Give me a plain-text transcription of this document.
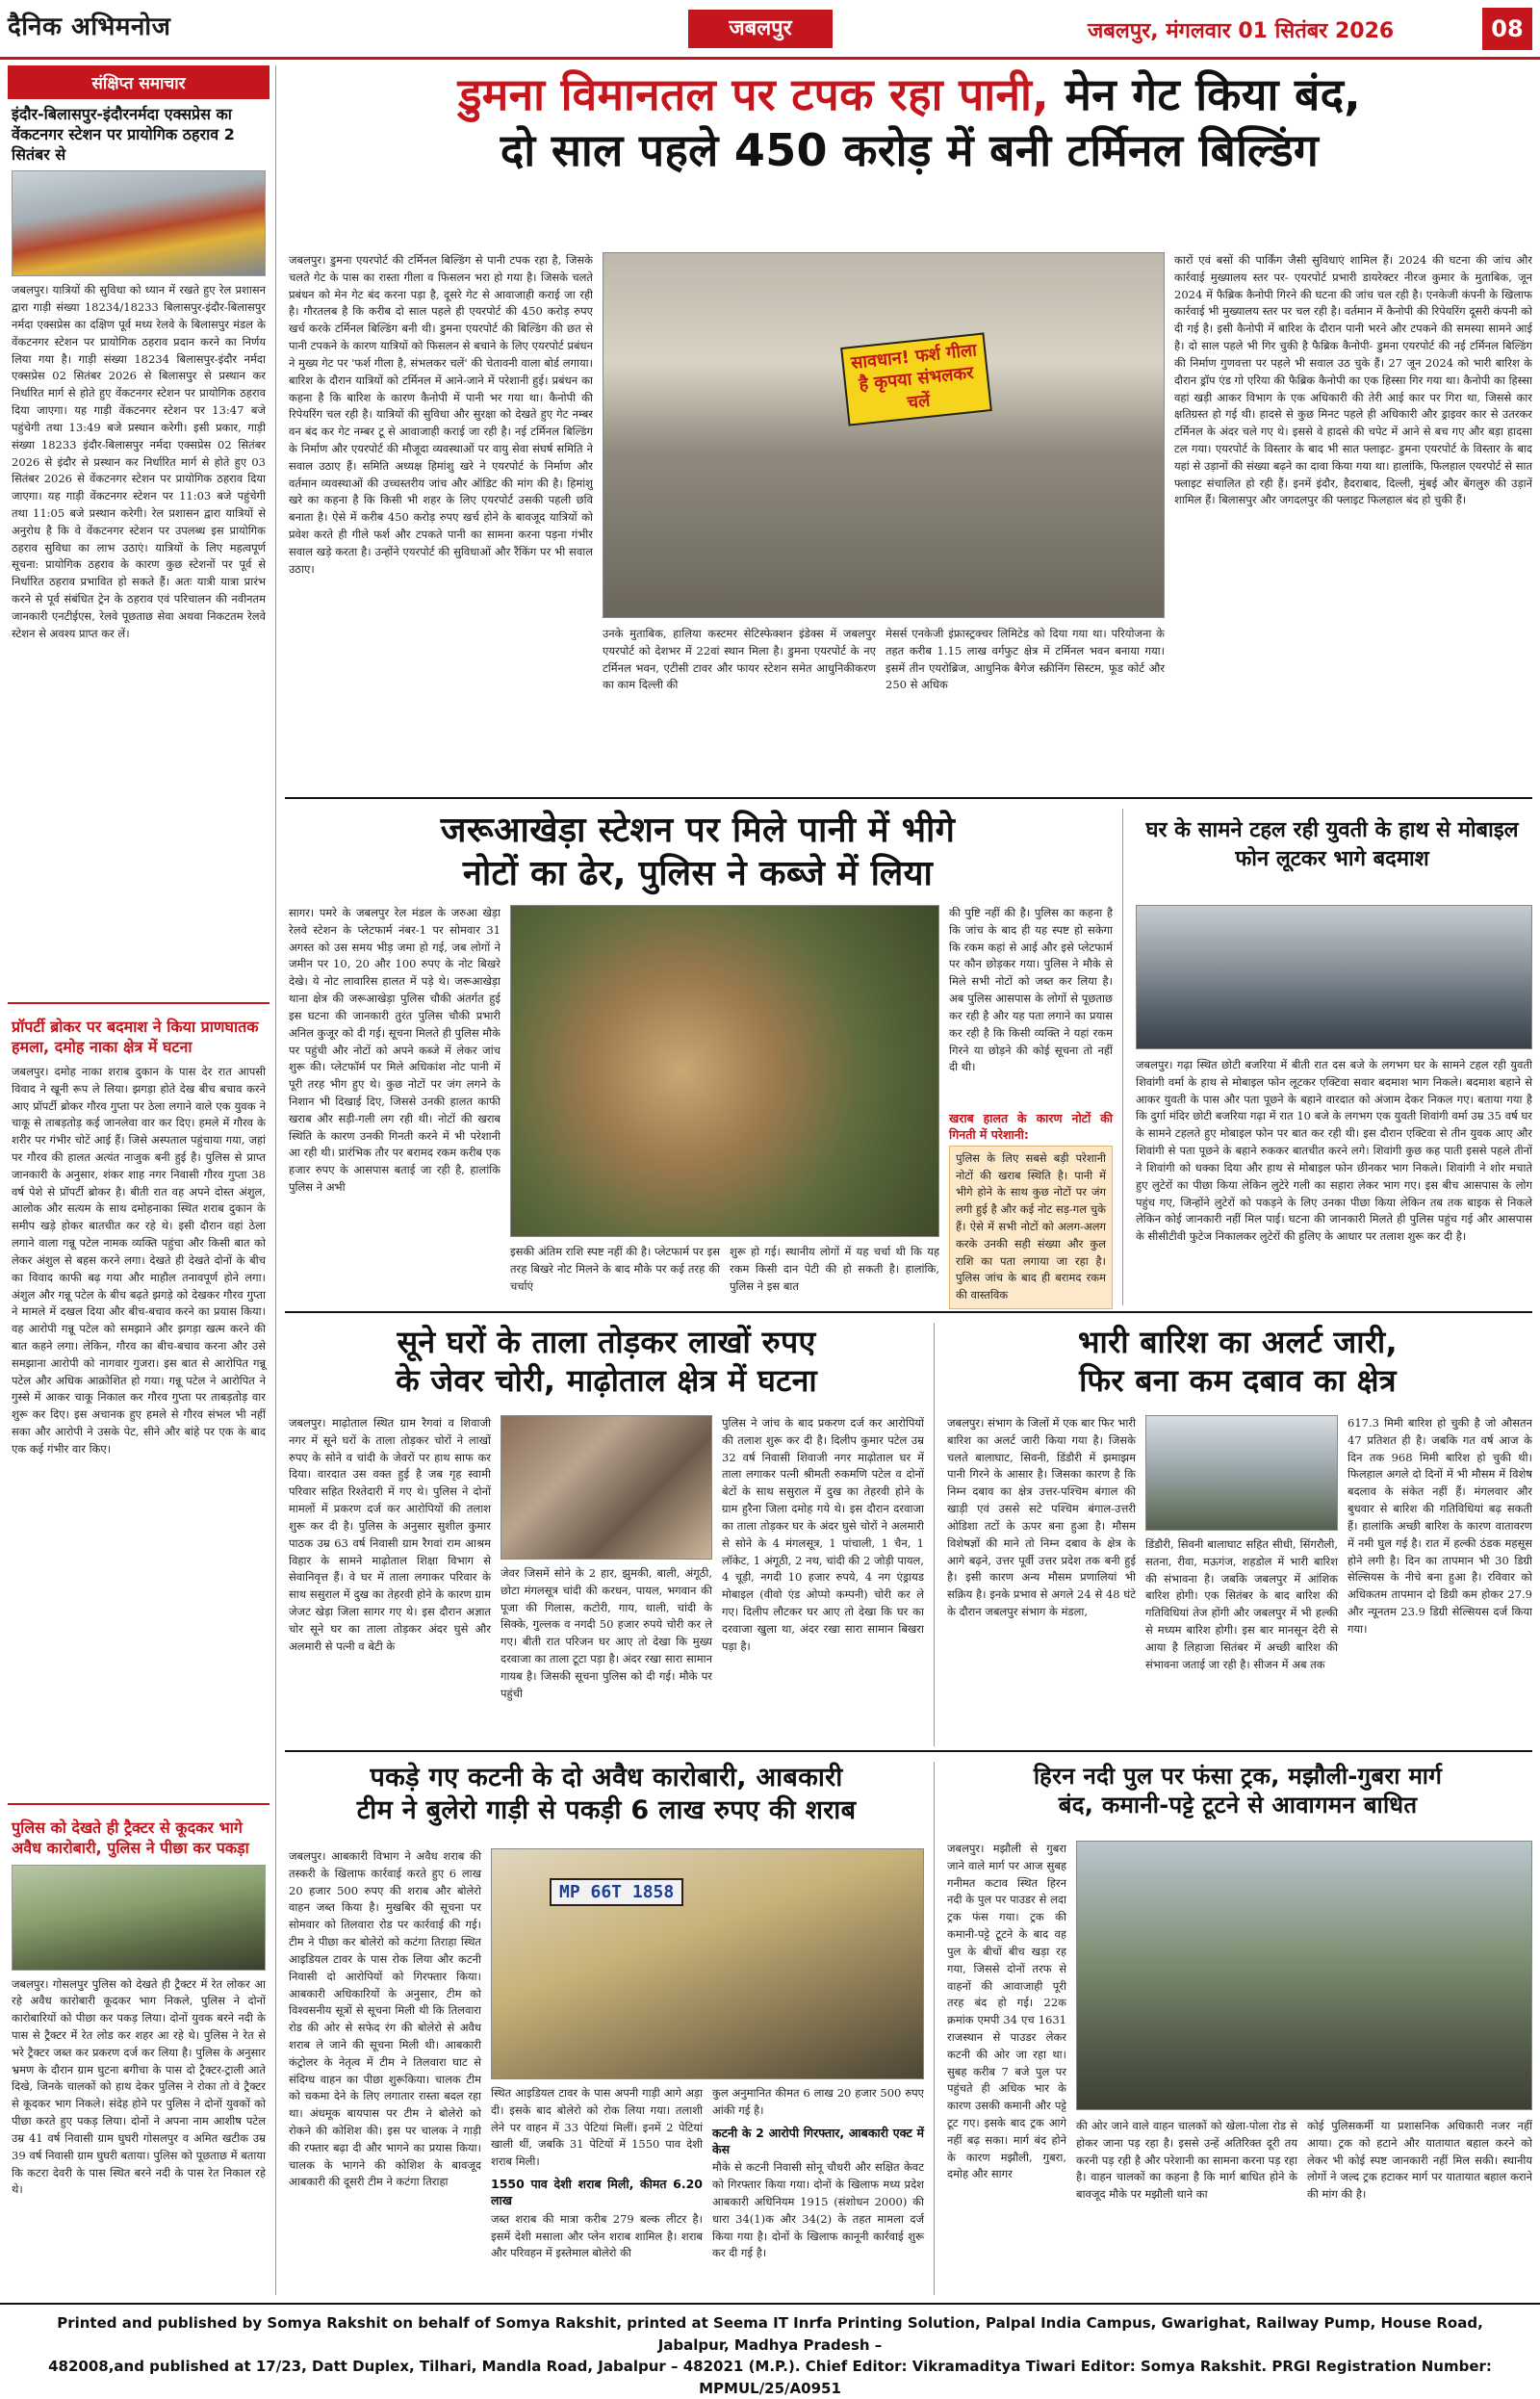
दैनिक अभिमनोज	जबलपुर	जबलपुर, मंगलवार 01 सितंबर 2026	08
संक्षिप्त समाचार
इंदौर-बिलासपुर-इंदौरनर्मदा एक्सप्रेस का वेंकटनगर स्टेशन पर प्रायोगिक ठहराव 2 सितंबर से
जबलपुर। यात्रियों की सुविधा को ध्यान में रखते हुए रेल प्रशासन द्वारा गाड़ी संख्या 18234/18233 बिलासपुर-इंदौर-बिलासपुर नर्मदा एक्सप्रेस का दक्षिण पूर्व मध्य रेलवे के बिलासपुर मंडल के वेंकटनगर स्टेशन पर प्रायोगिक ठहराव प्रदान करने का निर्णय लिया गया है। गाड़ी संख्या 18234 बिलासपुर-इंदौर नर्मदा एक्सप्रेस 02 सितंबर 2026 से बिलासपुर से प्रस्थान कर निर्धारित मार्ग से होते हुए वेंकटनगर स्टेशन पर प्रायोगिक ठहराव दिया जाएगा। यह गाड़ी वेंकटनगर स्टेशन पर 13:47 बजे पहुंचेगी तथा 13:49 बजे प्रस्थान करेगी। इसी प्रकार, गाड़ी संख्या 18233 इंदौर-बिलासपुर नर्मदा एक्सप्रेस 02 सितंबर 2026 से इंदौर से प्रस्थान कर निर्धारित मार्ग से होते हुए 03 सितंबर 2026 से वेंकटनगर स्टेशन पर प्रायोगिक ठहराव दिया जाएगा। यह गाड़ी वेंकटनगर स्टेशन पर 11:03 बजे पहुंचेगी तथा 11:05 बजे प्रस्थान करेगी। रेल प्रशासन द्वारा यात्रियों से अनुरोध है कि वे वेंकटनगर स्टेशन पर उपलब्ध इस प्रायोगिक ठहराव सुविधा का लाभ उठाएं। यात्रियों के लिए महत्वपूर्ण सूचना: प्रायोगिक ठहराव के कारण कुछ स्टेशनों पर पूर्व से निर्धारित ठहराव प्रभावित हो सकते हैं। अतः यात्री यात्रा प्रारंभ करने से पूर्व संबंधित ट्रेन के ठहराव एवं परिचालन की नवीनतम जानकारी एनटीईएस, रेलवे पूछताछ सेवा अथवा निकटतम रेलवे स्टेशन से अवश्य प्राप्त कर लें।
प्रॉपर्टी ब्रोकर पर बदमाश ने किया प्राणघातक हमला, दमोह नाका क्षेत्र में घटना
जबलपुर। दमोह नाका शराब दुकान के पास देर रात आपसी विवाद ने खूनी रूप ले लिया। झगड़ा होते देख बीच बचाव करने आए प्रॉपर्टी ब्रोकर गौरव गुप्ता पर ठेला लगाने वाले एक युवक ने चाकू से ताबड़तोड़ कई जानलेवा वार कर दिए। हमले में गौरव के शरीर पर गंभीर चोटें आई हैं। जिसे अस्पताल पहुंचाया गया, जहां पर गौरव की हालत अत्यंत नाजुक बनी हुई है। पुलिस से प्राप्त जानकारी के अनुसार, शंकर शाह नगर निवासी गौरव गुप्ता 38 वर्ष पेशे से प्रॉपर्टी ब्रोकर है। बीती रात वह अपने दोस्त अंशुल, आलोक और सत्यम के साथ दमोहनाका स्थित शराब दुकान के समीप खड़े होकर बातचीत कर रहे थे। इसी दौरान वहां ठेला लगाने वाला गन्नू पटेल नामक व्यक्ति पहुंचा और किसी बात को लेकर अंशुल से बहस करने लगा। देखते ही देखते दोनों के बीच का विवाद काफी बढ़ गया और माहौल तनावपूर्ण होने लगा। अंशुल और गन्नू पटेल के बीच बढ़ते झगड़े को देखकर गौरव गुप्ता ने मामले में दखल दिया और बीच-बचाव करने का प्रयास किया। वह आरोपी गन्नू पटेल को समझाने और झगड़ा खत्म करने की बात कहने लगा। लेकिन, गौरव का बीच-बचाव करना और उसे समझाना आरोपी को नागवार गुजरा। इस बात से आरोपित गन्नू पटेल और अधिक आक्रोशित हो गया। गन्नू पटेल ने आरोपित ने गुस्से में आकर चाकू निकाल कर गौरव गुप्ता पर ताबड़तोड़ वार शुरू कर दिए। इस अचानक हुए हमले से गौरव संभल भी नहीं सका और आरोपी ने उसके पेट, सीने और बांहे पर एक के बाद एक कई गंभीर वार किए।
पुलिस को देखते ही ट्रैक्टर से कूदकर भागे अवैध कारोबारी, पुलिस ने पीछा कर पकड़ा
जबलपुर। गोसलपुर पुलिस को देखते ही ट्रैक्टर में रेत लोकर आ रहे अवैध कारोबारी कूदकर भाग निकले, पुलिस ने दोनों कारोबारियों को पीछा कर पकड़ लिया। दोनों युवक बरने नदी के पास से ट्रैक्टर में रेत लोड कर शहर आ रहे थे। पुलिस ने रेत से भरे ट्रैक्टर जब्त कर प्रकरण दर्ज कर लिया है। पुलिस के अनुसार भ्रमण के दौरान ग्राम घुटना बगीचा के पास दो ट्रैक्टर-ट्राली आते दिखे, जिनके चालकों को हाथ देकर पुलिस ने रोका तो वे ट्रैक्टर से कूदकर भाग निकले। संदेह होने पर पुलिस ने दोनों युवकों को पीछा करते हुए पकड़ लिया। दोनों ने अपना नाम आशीष पटेल उम्र 41 वर्ष निवासी ग्राम घुघरी गोसलपुर व अमित खटीक उम्र 39 वर्ष निवासी ग्राम घुघरी बताया। पुलिस को पूछताछ में बताया कि कटरा देवरी के पास स्थित बरने नदी के पास रेत निकाल रहे थे।
डुमना विमानतल पर टपक रहा पानी, मेन गेट किया बंद,
दो साल पहले 450 करोड़ में बनी टर्मिनल बिल्डिंग
जबलपुर। डुमना एयरपोर्ट की टर्मिनल बिल्डिंग से पानी टपक रहा है, जिसके चलते गेट के पास का रास्ता गीला व फिसलन भरा हो गया है। जिसके चलते प्रबंधन को मेन गेट बंद करना पड़ा है, दूसरे गेट से आवाजाही कराई जा रही है। गौरतलब है कि करीब दो साल पहले ही एयरपोर्ट की 450 करोड़ रुपए खर्च करके टर्मिनल बिल्डिंग बनी थी। डुमना एयरपोर्ट की बिल्डिंग की छत से पानी टपकने के कारण यात्रियों को फिसलन से बचाने के लिए एयरपोर्ट प्रबंधन ने मुख्य गेट पर 'फर्श गीला है, संभलकर चलें' की चेतावनी वाला बोर्ड लगाया। बारिश के दौरान यात्रियों को टर्मिनल में आने-जाने में परेशानी हुई। प्रबंधन का कहना है कि बारिश के कारण कैनोपी में पानी भर गया था। कैनोपी की रिपेयरिंग चल रही है। यात्रियों की सुविधा और सुरक्षा को देखते हुए गेट नम्बर वन बंद कर गेट नम्बर टू से आवाजाही कराई जा रही है। नई टर्मिनल बिल्डिंग के निर्माण और एयरपोर्ट की मौजूदा व्यवस्थाओं पर वायु सेवा संघर्ष समिति ने सवाल उठाए हैं। समिति अध्यक्ष हिमांशु खरे ने एयरपोर्ट के निर्माण और वर्तमान व्यवस्थाओं की उच्चस्तरीय जांच और ऑडिट की मांग की है। हिमांशु खरे का कहना है कि किसी भी शहर के लिए एयरपोर्ट उसकी पहली छवि बनाता है। ऐसे में करीब 450 करोड़ रुपए खर्च होने के बावजूद यात्रियों को प्रवेश करते ही गीले फर्श और टपकते पानी का सामना करना पड़ना गंभीर सवाल खड़े करता है। उन्होंने एयरपोर्ट की सुविधाओं और रैंकिंग पर भी सवाल उठाए।
सावधान! फर्श गीला है कृपया संभलकर चलें
उनके मुताबिक, हालिया कस्टमर सेटिस्फेक्शन इंडेक्स में जबलपुर एयरपोर्ट को देशभर में 22वां स्थान मिला है। डुमना एयरपोर्ट के नए टर्मिनल भवन, एटीसी टावर और फायर स्टेशन समेत आधुनिकीकरण का काम दिल्ली की
मेसर्स एनकेजी इंफ्रास्ट्रक्चर लिमिटेड को दिया गया था। परियोजना के तहत करीब 1.15 लाख वर्गफुट क्षेत्र में टर्मिनल भवन बनाया गया। इसमें तीन एयरोब्रिज, आधुनिक बैगेज स्क्रीनिंग सिस्टम, फूड कोर्ट और 250 से अधिक
कारों एवं बसों की पार्किंग जैसी सुविधाएं शामिल हैं। 2024 की घटना की जांच और कार्रवाई मुख्यालय स्तर पर- एयरपोर्ट प्रभारी डायरेक्टर नीरज कुमार के मुताबिक, जून 2024 में फैब्रिक कैनोपी गिरने की घटना की जांच चल रही है। एनकेजी कंपनी के खिलाफ कार्रवाई भी मुख्यालय स्तर पर चल रही है। वर्तमान में कैनोपी की रिपेयरिंग दूसरी कंपनी को दी गई है। इसी कैनोपी में बारिश के दौरान पानी भरने और टपकने की समस्या सामने आई है। दो साल पहले भी गिर चुकी है फैब्रिक कैनोपी- डुमना एयरपोर्ट की नई टर्मिनल बिल्डिंग की निर्माण गुणवत्ता पर पहले भी सवाल उठ चुके हैं। 27 जून 2024 को भारी बारिश के दौरान ड्रॉप एंड गो एरिया की फैब्रिक कैनोपी का एक हिस्सा गिर गया था। कैनोपी का हिस्सा वहां खड़ी आकर विभाग के एक अधिकारी की तेरी आई कार पर गिरा था, जिससे कार क्षतिग्रस्त हो गई थी। हादसे से कुछ मिनट पहले ही अधिकारी और ड्राइवर कार से उतरकर टर्मिनल के अंदर चले गए थे। इससे वे हादसे की चपेट में आने से बच गए और बड़ा हादसा टल गया। एयरपोर्ट के विस्तार के बाद भी सात फ्लाइट- डुमना एयरपोर्ट के विस्तार के बाद यहां से उड़ानों की संख्या बढ़ने का दावा किया गया था। हालांकि, फिलहाल एयरपोर्ट से सात फ्लाइट संचालित हो रही हैं। इनमें इंदौर, हैदराबाद, दिल्ली, मुंबई और बेंगलुरु की उड़ानें शामिल हैं। बिलासपुर और जगदलपुर की फ्लाइट फिलहाल बंद हो चुकी हैं।
जरूआखेड़ा स्टेशन पर मिले पानी में भीगे
नोटों का ढेर, पुलिस ने कब्जे में लिया
सागर। पमरे के जबलपुर रेल मंडल के जरुआ खेड़ा रेलवे स्टेशन के प्लेटफार्म नंबर-1 पर सोमवार 31 अगस्त को उस समय भीड़ जमा हो गई, जब लोगों ने जमीन पर 10, 20 और 100 रुपए के नोट बिखरे देखे। ये नोट लावारिस हालत में पड़े थे। जरूआखेड़ा थाना क्षेत्र की जरूआखेड़ा पुलिस चौकी अंतर्गत हुई इस घटना की जानकारी तुरंत पुलिस चौकी प्रभारी अनिल कुजूर को दी गई। सूचना मिलते ही पुलिस मौके पर पहुंची और नोटों को अपने कब्जे में लेकर जांच शुरू की। प्लेटफॉर्म पर मिले अधिकांश नोट पानी में पूरी तरह भीग हुए थे। कुछ नोटों पर जंग लगने के निशान भी दिखाई दिए, जिससे उनकी हालत काफी खराब और सड़ी-गली लग रही थी। नोटों की खराब स्थिति के कारण उनकी गिनती करने में भी परेशानी आ रही थी। प्रारंभिक तौर पर बरामद रकम करीब एक हजार रुपए के आसपास बताई जा रही है, हालांकि पुलिस ने अभी
इसकी अंतिम राशि स्पष्ट नहीं की है। प्लेटफार्म पर इस तरह बिखरे नोट मिलने के बाद मौके पर कई तरह की चर्चाएं
शुरू हो गई। स्थानीय लोगों में यह चर्चा थी कि यह रकम किसी दान पेटी की हो सकती है। हालांकि, पुलिस ने इस बात
की पुष्टि नहीं की है। पुलिस का कहना है कि जांच के बाद ही यह स्पष्ट हो सकेगा कि रकम कहां से आई और इसे प्लेटफार्म पर कौन छोड़कर गया। पुलिस ने मौके से मिले सभी नोटों को जब्त कर लिया है। अब पुलिस आसपास के लोगों से पूछताछ कर रही है और यह पता लगाने का प्रयास कर रही है कि किसी व्यक्ति ने यहां रकम गिरने या छोड़ने की कोई सूचना तो नहीं दी थी।
खराब हालत के कारण नोटों की गिनती में परेशानी:
पुलिस के लिए सबसे बड़ी परेशानी नोटों की खराब स्थिति है। पानी में भीगे होने के साथ कुछ नोटों पर जंग लगी हुई है और कई नोट सड़-गल चुके हैं। ऐसे में सभी नोटों को अलग-अलग करके उनकी सही संख्या और कुल राशि का पता लगाया जा रहा है। पुलिस जांच के बाद ही बरामद रकम की वास्तविक
घर के सामने टहल रही युवती के हाथ से मोबाइल फोन लूटकर भागे बदमाश
जबलपुर। गढ़ा स्थित छोटी बजरिया में बीती रात दस बजे के लगभग घर के सामने टहल रही युवती शिवांगी वर्मा के हाथ से मोबाइल फोन लूटकर एक्टिवा सवार बदमाश भाग निकले। बदमाश बहाने से आकर युवती के पास और पता पूछने के बहाने वारदात को अंजाम देकर निकल गए। बताया गया है कि दुर्गा मंदिर छोटी बजरिया गढ़ा में रात 10 बजे के लगभग एक युवती शिवांगी वर्मा उम्र 35 वर्ष घर के सामने टहलते हुए मोबाइल फोन पर बात कर रही थी। इस दौरान एक्टिवा से तीन युवक आए और शिवांगी से पता पूछने के बहाने रुककर बातचीत करने लगे। शिवांगी कुछ कह पाती इससे पहले तीनों ने शिवांगी को धक्का दिया और हाथ से मोबाइल फोन छीनकर भाग निकले। शिवांगी ने शोर मचाते हुए लुटेरों का पीछा किया लेकिन लुटेरे गली का सहारा लेकर भाग गए। इस बीच आसपास के लोग पहुंच गए, जिन्होंने लुटेरों को पकड़ने के लिए उनका पीछा किया लेकिन तब तक बाइक से निकले लेकिन कोई जानकारी नहीं मिल पाई। घटना की जानकारी मिलते ही पुलिस पहुंच गई और आसपास के सीसीटीवी फुटेज निकालकर लुटेरों की हुलिए के आधार पर तलाश शुरू कर दी है।
सूने घरों के ताला तोड़कर लाखों रुपए
के जेवर चोरी, माढ़ोताल क्षेत्र में घटना
जबलपुर। माढ़ोताल स्थित ग्राम रैगवां व शिवाजी नगर में सूने घरों के ताला तोड़कर चोरों ने लाखों रुपए के सोने व चांदी के जेवरों पर हाथ साफ कर दिया। वारदात उस वक्त हुई है जब गृह स्वामी परिवार सहित रिश्तेदारी में गए थे। पुलिस ने दोनों मामलों में प्रकरण दर्ज कर आरोपियों की तलाश शुरू कर दी है। पुलिस के अनुसार सुशील कुमार पाठक उम्र 63 वर्ष निवासी ग्राम रैगवां राम आश्रम विहार के सामने माढ़ोताल शिक्षा विभाग से सेवानिवृत्त हैं। वे घर में ताला लगाकर परिवार के साथ ससुराल में दुख का तेहरवी होने के कारण ग्राम जेजट खेड़ा जिला सागर गए थे। इस दौरान अज्ञात चोर सूने घर का ताला तोड़कर अंदर घुसे और अलमारी से पत्नी व बेटी के
जेवर जिसमें सोने के 2 हार, झुमकी, बाली, अंगूठी, छोटा मंगलसूत्र चांदी की करधन, पायल, भगवान की पूजा की गिलास, कटोरी, गाय, थाली, चांदी के सिक्के, गुल्लक व नगदी 50 हजार रुपये चोरी कर ले गए। बीती रात परिजन घर आए तो देखा कि मुख्य दरवाजा का ताला टूटा पड़ा है। अंदर रखा सारा सामान गायब है। जिसकी सूचना पुलिस को दी गई। मौके पर पहुंची
पुलिस ने जांच के बाद प्रकरण दर्ज कर आरोपियों की तलाश शुरू कर दी है। दिलीप कुमार पटेल उम्र 32 वर्ष निवासी शिवाजी नगर माढ़ोताल घर में ताला लगाकर पत्नी श्रीमती रुकमणि पटेल व दोनों बेटों के साथ ससुराल में दुख का तेहरवी होने के ग्राम हुरैना जिला दमोह गये थे। इस दौरान दरवाजा का ताला तोड़कर घर के अंदर घुसे चोरों ने अलमारी से सोने के 4 मंगलसूत्र, 1 पांचाली, 1 चैन, 1 लॉकेट, 1 अंगूठी, 2 नथ, चांदी की 2 जोड़ी पायल, 4 चूड़ी, नगदी 10 हजार रुपये, 4 नग एंड्रायड मोबाइल (वीवो एंड ओप्पो कम्पनी) चोरी कर ले गए। दिलीप लौटकर घर आए तो देखा कि घर का दरवाजा खुला था, अंदर रखा सारा सामान बिखरा पड़ा है।
भारी बारिश का अलर्ट जारी,
फिर बना कम दबाव का क्षेत्र
जबलपुर। संभाग के जिलों में एक बार फिर भारी बारिश का अलर्ट जारी किया गया है। जिसके चलते बालाघाट, सिवनी, डिंडौरी में झमाझम पानी गिरने के आसार है। जिसका कारण है कि निम्न दबाव का क्षेत्र उत्तर-पश्चिम बंगाल की खाड़ी एवं उससे सटे पश्चिम बंगाल-उत्तरी ओडिशा तटों के ऊपर बना हुआ है। मौसम विशेषज्ञों की माने तो निम्न दबाव के क्षेत्र के आगे बढ़ने, उत्तर पूर्वी उत्तर प्रदेश तक बनी हुई है। इसी कारण अन्य मौसम प्रणालियां भी सक्रिय है। इनके प्रभाव से अगले 24 से 48 घंटे के दौरान जबलपुर संभाग के मंडला,
डिंडौरी, सिवनी बालाघाट सहित सीधी, सिंगरौली, सतना, रीवा, मऊगंज, शहडोल में भारी बारिश की संभावना है। जबकि जबलपुर में आंशिक बारिश होगी। एक सितंबर के बाद बारिश की गतिविधियां तेज होंगी और जबलपुर में भी हल्की से मध्यम बारिश होगी। इस बार मानसून देरी से आया है लिहाजा सितंबर में अच्छी बारिश की संभावना जताई जा रही है। सीजन में अब तक
617.3 मिमी बारिश हो चुकी है जो औसतन 47 प्रतिशत ही है। जबकि गत वर्ष आज के दिन तक 968 मिमी बारिश हो चुकी थी। फिलहाल अगले दो दिनों में भी मौसम में विशेष बदलाव के संकेत नहीं हैं। मंगलवार और बुधवार से बारिश की गतिविधियां बढ़ सकती हैं। हालांकि अच्छी बारिश के कारण वातावरण में नमी घुल गई है। रात में हल्की ठंडक महसूस होने लगी है। दिन का तापमान भी 30 डिग्री सेल्सियस के नीचे बना हुआ है। रविवार को अधिकतम तापमान दो डिग्री कम होकर 27.9 और न्यूनतम 23.9 डिग्री सेल्सियस दर्ज किया गया।
पकड़े गए कटनी के दो अवैध कारोबारी, आबकारी
टीम ने बुलेरो गाड़ी से पकड़ी 6 लाख रुपए की शराब
जबलपुर। आबकारी विभाग ने अवैध शराब की तस्करी के खिलाफ कार्रवाई करते हुए 6 लाख 20 हजार 500 रुपए की शराब और बोलेरो वाहन जब्त किया है। मुखबिर की सूचना पर सोमवार को तिलवारा रोड पर कार्रवाई की गई। टीम ने पीछा कर बोलेरो को कटंगा तिराहा स्थित आइडियल टावर के पास रोक लिया और कटनी निवासी दो आरोपियों को गिरफ्तार किया। आबकारी अधिकारियों के अनुसार, टीम को विश्वसनीय सूत्रों से सूचना मिली थी कि तिलवारा रोड की ओर से सफेद रंग की बोलेरो से अवैध शराब ले जाने की सूचना मिली थी। आबकारी कंट्रोलर के नेतृत्व में टीम ने तिलवारा घाट से संदिग्ध वाहन का पीछा शुरूकिया। चालक टीम को चकमा देने के लिए लगातार रास्ता बदल रहा था। अंधमूक बायपास पर टीम ने बोलेरो को रोकने की कोशिश की। इस पर चालक ने गाड़ी की रफ्तार बढ़ा दी और भागने का प्रयास किया। चालक के भागने की कोशिश के बावजूद आबकारी की दूसरी टीम ने कटंगा तिराहा
MP 66T 1858
स्थित आइडियल टावर के पास अपनी गाड़ी आगे अड़ा दी। इसके बाद बोलेरो को रोक लिया गया। तलाशी लेने पर वाहन में 33 पेटियां मिलीं। इनमें 2 पेटियां खाली थीं, जबकि 31 पेटियों में 1550 पाव देशी शराब मिली।
1550 पाव देशी शराब मिली, कीमत 6.20 लाख
जब्त शराब की मात्रा करीब 279 बल्क लीटर है। इसमें देशी मसाला और प्लेन शराब शामिल है। शराब और परिवहन में इस्तेमाल बोलेरो की
कुल अनुमानित कीमत 6 लाख 20 हजार 500 रुपए आंकी गई है।
कटनी के 2 आरोपी गिरफ्तार, आबकारी एक्ट में केस
मौके से कटनी निवासी सोनू चौधरी और सक्षित केवट को गिरफ्तार किया गया। दोनों के खिलाफ मध्य प्रदेश आबकारी अधिनियम 1915 (संशोधन 2000) की धारा 34(1)क और 34(2) के तहत मामला दर्ज किया गया है। दोनों के खिलाफ कानूनी कार्रवाई शुरू कर दी गई है।
हिरन नदी पुल पर फंसा ट्रक, मझौली-गुबरा मार्ग
बंद, कमानी-पट्टे टूटने से आवागमन बाधित
जबलपुर। मझौली से गुबरा जाने वाले मार्ग पर आज सुबह गनीमत कटाव स्थित हिरन नदी के पुल पर पाउडर से लदा ट्रक फंस गया। ट्रक की कमानी-पट्टे टूटने के बाद वह पुल के बीचों बीच खड़ा रह गया, जिससे दोनों तरफ से वाहनों की आवाजाही पूरी तरह बंद हो गई। 22क क्रमांक एमपी 34 एच 1631 राजस्थान से पाउडर लेकर कटनी की ओर जा रहा था। सुबह करीब 7 बजे पुल पर पहुंचते ही अधिक भार के कारण उसकी कमानी और पट्टे टूट गए। इसके बाद ट्रक आगे नहीं बढ़ सका। मार्ग बंद होने के कारण मझौली, गुबरा, दमोह और सागर
की ओर जाने वाले वाहन चालकों को खेला-पोला रोड से होकर जाना पड़ रहा है। इससे उन्हें अतिरिक्त दूरी तय करनी पड़ रही है और परेशानी का सामना करना पड़ रहा है। वाहन चालकों का कहना है कि मार्ग बाधित होने के बावजूद मौके पर मझौली थाने का
कोई पुलिसकर्मी या प्रशासनिक अधिकारी नजर नहीं आया। ट्रक को हटाने और यातायात बहाल करने को लेकर भी कोई स्पष्ट जानकारी नहीं मिल सकी। स्थानीय लोगों ने जल्द ट्रक हटाकर मार्ग पर यातायात बहाल कराने की मांग की है।
Printed and published by Somya Rakshit on behalf of Somya Rakshit, printed at Seema IT Inrfa Printing Solution, Palpal India Campus, Gwarighat, Railway Pump, House Road, Jabalpur, Madhya Pradesh –
482008,and published at 17/23, Datt Duplex, Tilhari, Mandla Road, Jabalpur – 482021 (M.P.). Chief Editor: Vikramaditya Tiwari Editor: Somya Rakshit. PRGI Registration Number: MPMUL/25/A0951
